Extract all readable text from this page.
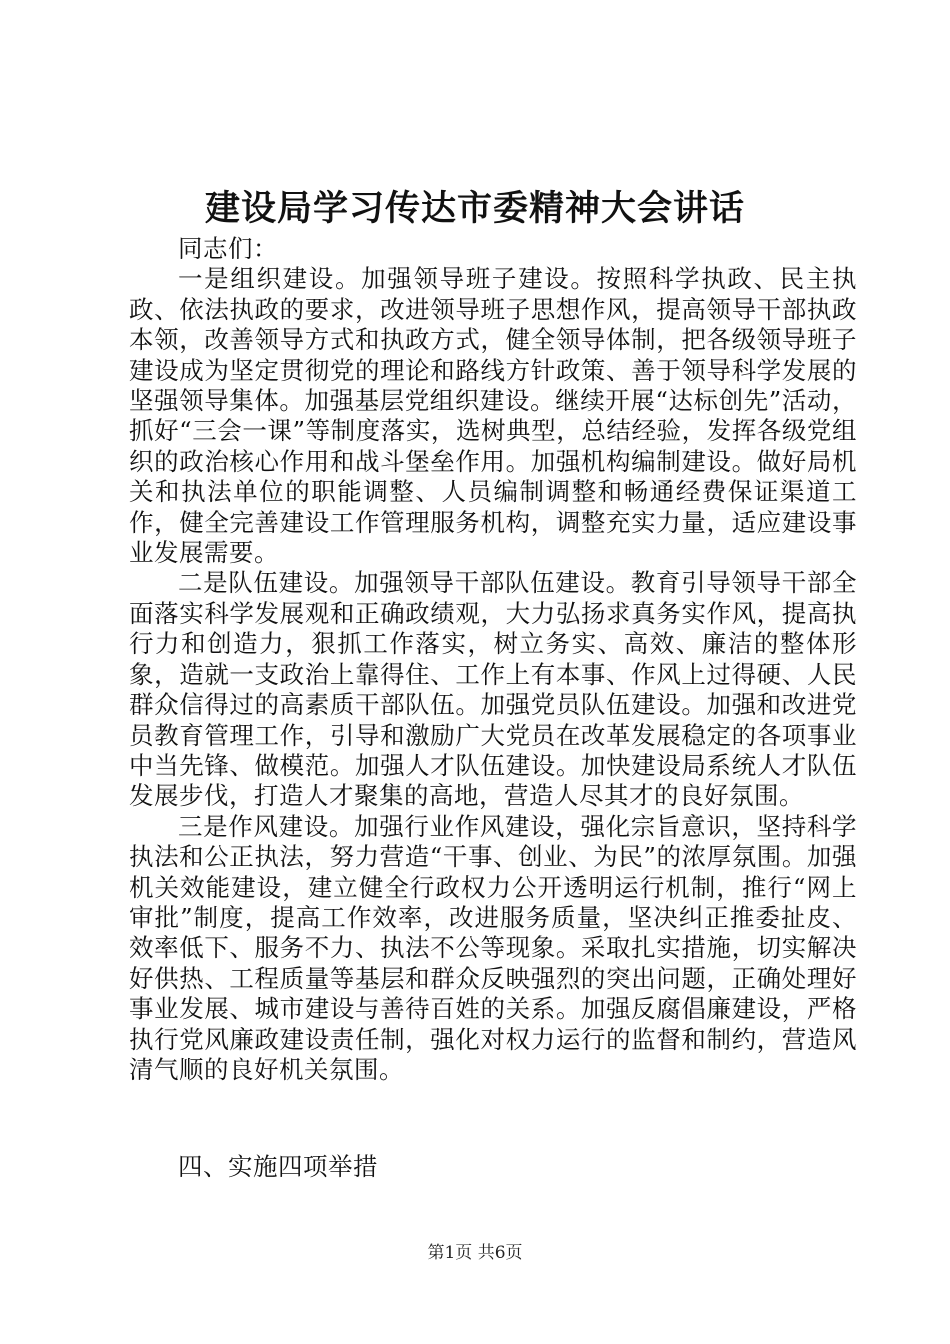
建设局学习传达市委精神大会讲话

同志们：

一是组织建设。加强领导班子建设。按照科学执政、民主执政、依法执政的要求，改进领导班子思想作风，提高领导干部执政本领，改善领导方式和执政方式，健全领导体制，把各级领导班子建设成为坚定贯彻党的理论和路线方针政策、善于领导科学发展的坚强领导集体。加强基层党组织建设。继续开展“达标创先”活动，抓好“三会一课”等制度落实，选树典型，总结经验，发挥各级党组织的政治核心作用和战斗堡垒作用。加强机构编制建设。做好局机关和执法单位的职能调整、人员编制调整和畅通经费保证渠道工作，健全完善建设工作管理服务机构，调整充实力量，适应建设事业发展需要。

二是队伍建设。加强领导干部队伍建设。教育引导领导干部全面落实科学发展观和正确政绩观，大力弘扬求真务实作风，提高执行力和创造力，狠抓工作落实，树立务实、高效、廉洁的整体形象，造就一支政治上靠得住、工作上有本事、作风上过得硬、人民群众信得过的高素质干部队伍。加强党员队伍建设。加强和改进党员教育管理工作，引导和激励广大党员在改革发展稳定的各项事业中当先锋、做模范。加强人才队伍建设。加快建设局系统人才队伍发展步伐，打造人才聚集的高地，营造人尽其才的良好氛围。

三是作风建设。加强行业作风建设，强化宗旨意识，坚持科学执法和公正执法，努力营造“干事、创业、为民”的浓厚氛围。加强机关效能建设，建立健全行政权力公开透明运行机制，推行“网上审批”制度，提高工作效率，改进服务质量，坚决纠正推委扯皮、效率低下、服务不力、执法不公等现象。采取扎实措施，切实解决好供热、工程质量等基层和群众反映强烈的突出问题，正确处理好事业发展、城市建设与善待百姓的关系。加强反腐倡廉建设，严格执行党风廉政建设责任制，强化对权力运行的监督和制约，营造风清气顺的良好机关氛围。

四、实施四项举措
第1页 共6页
